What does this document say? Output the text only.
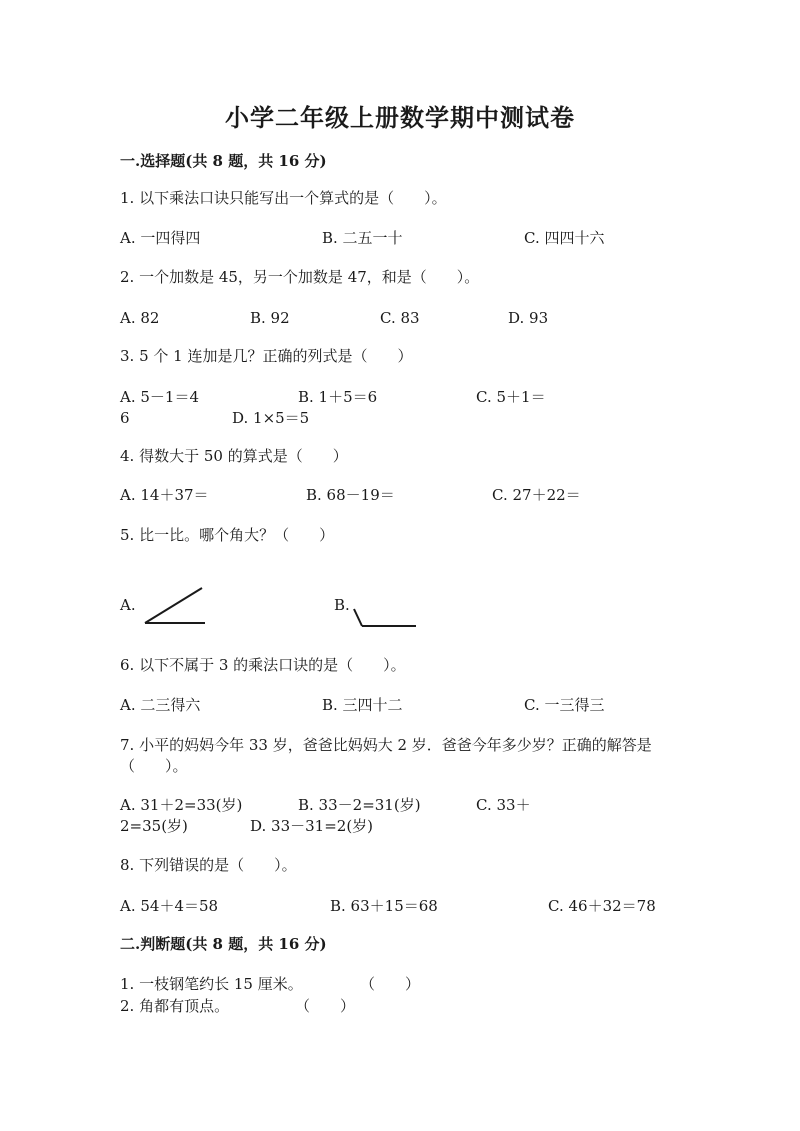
小学二年级上册数学期中测试卷
一.选择题(共 8 题，共 16 分)
1. 以下乘法口诀只能写出一个算式的是（　　）。
A. 一四得四	B. 二五一十	C. 四四十六
2. 一个加数是 45，另一个加数是 47，和是（　　）。
A. 82	B. 92	C. 83	D. 93
3. 5 个 1 连加是几？正确的列式是（　　）
A. 5－1＝4	B. 1＋5＝6	C. 5＋1＝
6	D. 1×5＝5
4. 得数大于 50 的算式是（　　）
A. 14＋37＝	B. 68－19＝	C. 27＋22＝
5. 比一比。哪个角大？（　　）
A.	B.
6. 以下不属于 3 的乘法口诀的是（　　）。
A. 二三得六	B. 三四十二	C. 一三得三
7. 小平的妈妈今年 33 岁，爸爸比妈妈大 2 岁．爸爸今年多少岁？正确的解答是
（　　）。
A. 31＋2=33(岁)	B. 33－2=31(岁)	C. 33＋
2=35(岁)	D. 33－31=2(岁)
8. 下列错误的是（　　）。
A. 54＋4＝58	B. 63＋15＝68	C. 46＋32＝78
二.判断题(共 8 题，共 16 分)
1. 一枝钢笔约长 15 厘米。	（　　）
2. 角都有顶点。	（　　）
